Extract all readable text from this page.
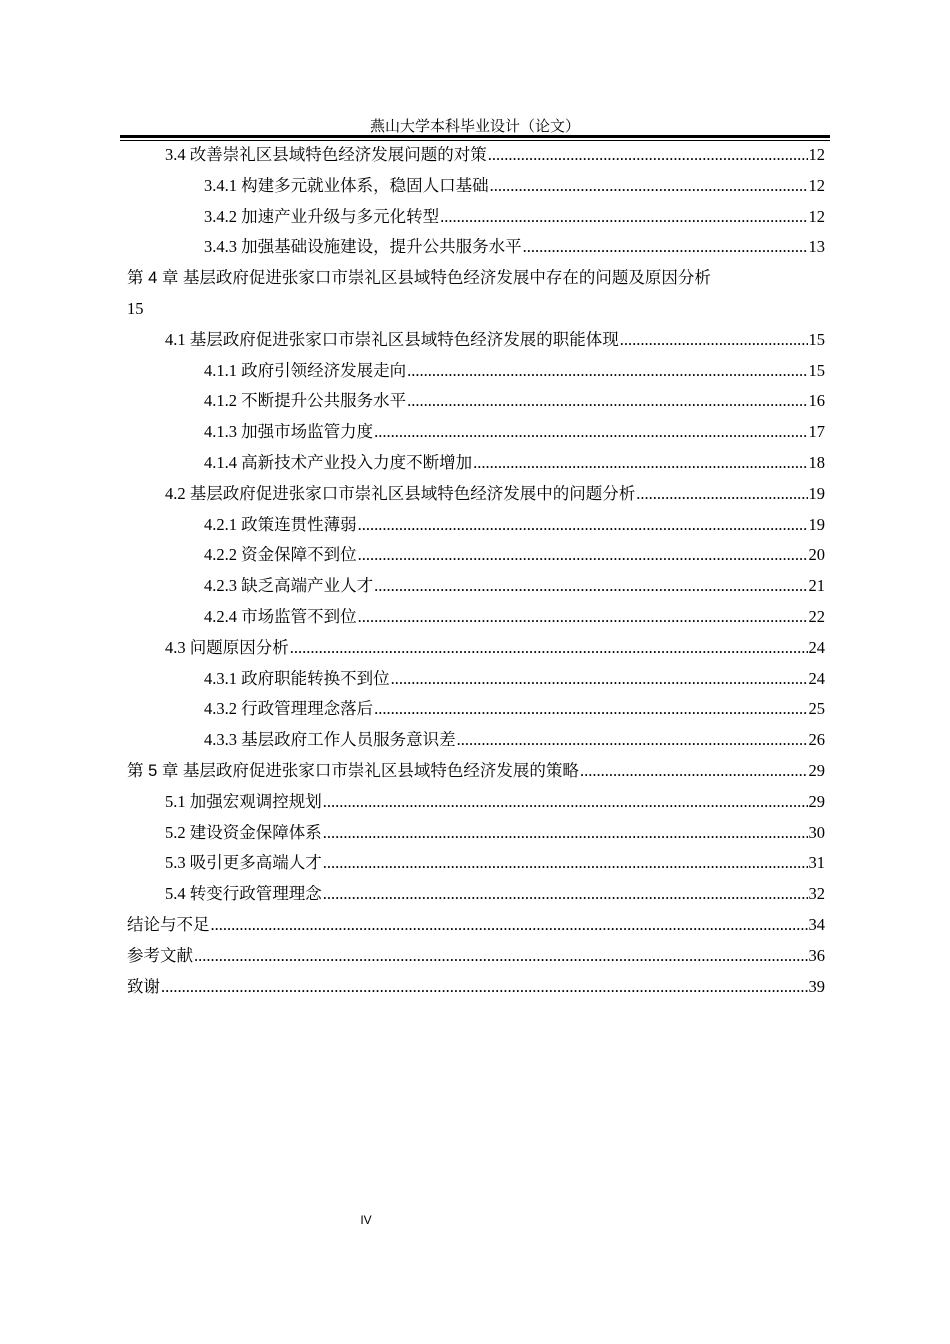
燕山大学本科毕业设计（论文）
3.4 改善崇礼区县域特色经济发展问题的对策 .....	12
3.4.1 构建多元就业体系，稳固人口基础 .....	12
3.4.2 加速产业升级与多元化转型 .....	12
3.4.3 加强基础设施建设，提升公共服务水平 .....	13
第 4 章 基层政府促进张家口市崇礼区县域特色经济发展中存在的问题及原因分析
15
4.1 基层政府促进张家口市崇礼区县域特色经济发展的职能体现 .....	15
4.1.1 政府引领经济发展走向 .....	15
4.1.2 不断提升公共服务水平 .....	16
4.1.3 加强市场监管力度 .....	17
4.1.4 高新技术产业投入力度不断增加 .....	18
4.2 基层政府促进张家口市崇礼区县域特色经济发展中的问题分析 .....	19
4.2.1 政策连贯性薄弱 .....	19
4.2.2 资金保障不到位 .....	20
4.2.3 缺乏高端产业人才 .....	21
4.2.4 市场监管不到位 .....	22
4.3 问题原因分析 .....	24
4.3.1 政府职能转换不到位 .....	24
4.3.2 行政管理理念落后 .....	25
4.3.3 基层政府工作人员服务意识差 .....	26
第 5 章 基层政府促进张家口市崇礼区县域特色经济发展的策略 .....	29
5.1 加强宏观调控规划 .....	29
5.2 建设资金保障体系 .....	30
5.3 吸引更多高端人才 .....	31
5.4 转变行政管理理念 .....	32
结论与不足 .....	34
参考文献 .....	36
致谢 .....	39
IV
